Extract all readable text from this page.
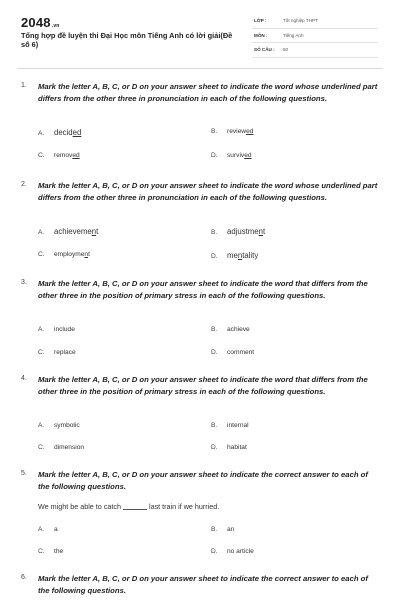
2048.vn
Tổng hợp đề luyện thi Đại Học môn Tiếng Anh có lời giải(Đề số 6)
LỚP :	Tốt nghiệp THPT
MÔN :	Tiếng Anh
SỐ CÂU : 50
1. Mark the letter A, B, C, or D on your answer sheet to indicate the word whose underlined part differs from the other three in pronunciation in each of the following questions.
A. decided	B. reviewed
C. removed	D. survived
2. Mark the letter A, B, C, or D on your answer sheet to indicate the word whose underlined part differs from the other three in pronunciation in each of the following questions.
A. achievement	B. adjustment
C. employment	D. mentality
3. Mark the letter A, B, C, or D on your answer sheet to indicate the word that differs from the other three in the position of primary stress in each of the following questions.
A. include	B. achieve
C. replace	D. comment
4. Mark the letter A, B, C, or D on your answer sheet to indicate the word that differs from the other three in the position of primary stress in each of the following questions.
A. symbolic	B. internal
C. dimension	D. habitat
5. Mark the letter A, B, C, or D on your answer sheet to indicate the correct answer to each of the following questions.
We might be able to catch	last train if we hurried.
A. a	B. an
C. the	D. no article
6. Mark the letter A, B, C, or D on your answer sheet to indicate the correct answer to each of the following questions.
